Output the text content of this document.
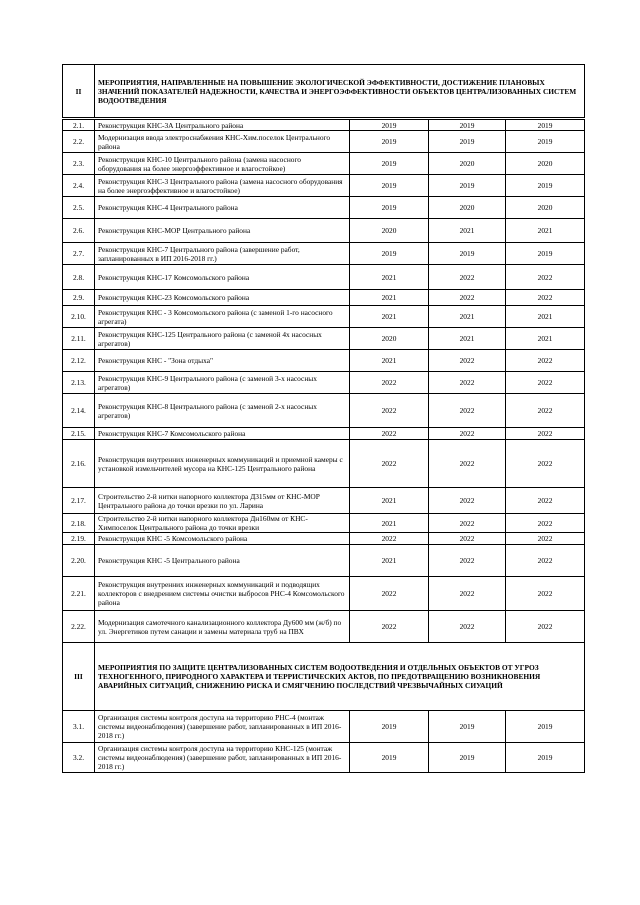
II	МЕРОПРИЯТИЯ, НАПРАВЛЕННЫЕ НА ПОВЫШЕНИЕ ЭКОЛОГИЧЕСКОЙ ЭФФЕКТИВНОСТИ, ДОСТИЖЕНИЕ ПЛАНОВЫХ ЗНАЧЕНИЙ ПОКАЗАТЕЛЕЙ НАДЕЖНОСТИ, КАЧЕСТВА И ЭНЕРГОЭФФЕКТИВНОСТИ ОБЪЕКТОВ ЦЕНТРАЛИЗОВАННЫХ СИСТЕМ ВОДООТВЕДЕНИЯ			
2.1.	Реконструкция КНС-3А Центрального района	2019	2019	2019
2.2.	Модернизация ввода электроснабжения КНС-Хим.поселок Центрального района	2019	2019	2019
2.3.	Реконструкция КНС-10 Центрального района (замена насосного оборудования на более энергоэффективное и влагостойкое)	2019	2020	2020
2.4.	Реконструкция КНС-3 Центрального района (замена насосного оборудования на более энергоэффективное и влагостойкое)	2019	2019	2019
2.5.	Реконструкция КНС-4 Центрального района	2019	2020	2020
2.6.	Реконструкция КНС-МОР Центрального района	2020	2021	2021
2.7.	Реконструкция КНС-7 Центрального района (завершение работ, запланированных в ИП 2016-2018 гг.)	2019	2019	2019
2.8.	Реконструкция КНС-17 Комсомольского района	2021	2022	2022
2.9.	Реконструкция КНС-23 Комсомольского района	2021	2022	2022
2.10.	Реконструкция КНС - 3 Комсомольского района (с заменой 1-го насосного агрегата)	2021	2021	2021
2.11.	Реконструкция КНС-125 Центрального района (с заменой 4х насосных агрегатов)	2020	2021	2021
2.12.	Реконструкция КНС - "Зона отдыха"	2021	2022	2022
2.13.	Реконструкция КНС-9 Центрального района (с заменой 3-х насосных агрегатов)	2022	2022	2022
2.14.	Реконструкция КНС-8 Центрального района (с заменой 2-х насосных агрегатов)	2022	2022	2022
2.15.	Реконструкция КНС-7 Комсомольского района	2022	2022	2022
2.16.	Реконструкция внутренних инженерных коммуникаций и приемной камеры с установкой измельчителей мусора на КНС-125 Центрального района	2022	2022	2022
2.17.	Строительство 2-й нитки напорного коллектора Д315мм от КНС-МОР Центрального района до точки врезки по ул. Ларина	2021	2022	2022
2.18.	Строительство 2-й нитки напорного коллектора Дн160мм от КНС-Химпоселок Центрального района до точки врезки	2021	2022	2022
2.19.	Реконструкция КНС -5 Комсомольского района	2022	2022	2022
2.20.	Реконструкция КНС -5 Центрального района	2021	2022	2022
2.21.	Реконструкция внутренних инженерных коммуникаций и подводящих коллекторов с внедрением системы очистки выбросов РНС-4 Комсомольского района	2022	2022	2022
2.22.	Модернизация самотечного канализационного коллектора Ду600 мм (ж/б) по ул. Энергетиков путем санации и замены материала труб на ПВХ	2022	2022	2022
III	МЕРОПРИЯТИЯ ПО ЗАЩИТЕ ЦЕНТРАЛИЗОВАННЫХ СИСТЕМ ВОДООТВЕДЕНИЯ И ОТДЕЛЬНЫХ ОБЪЕКТОВ ОТ УГРОЗ ТЕХНОГЕННОГО, ПРИРОДНОГО ХАРАКТЕРА И ТЕРРИСТИЧЕСКИХ АКТОВ, ПО ПРЕДОТВРАЩЕНИЮ ВОЗНИКНОВЕНИЯ АВАРИЙНЫХ СИТУАЦИЙ, СНИЖЕНИЮ РИСКА И СМЯГЧЕНИЮ ПОСЛЕДСТВИЙ ЧРЕЗВЫЧАЙНЫХ СИУАЦИЙ			
3.1.	Организация системы контроля доступа на территорию РНС-4 (монтаж системы видеонаблюдения) (завершение работ, запланированных в ИП 2016-2018 гг.)	2019	2019	2019
3.2.	Организация системы контроля доступа на территорию КНС-125 (монтаж системы видеонаблюдения) (завершение работ, запланированных в ИП 2016-2018 гг.)	2019	2019	2019
